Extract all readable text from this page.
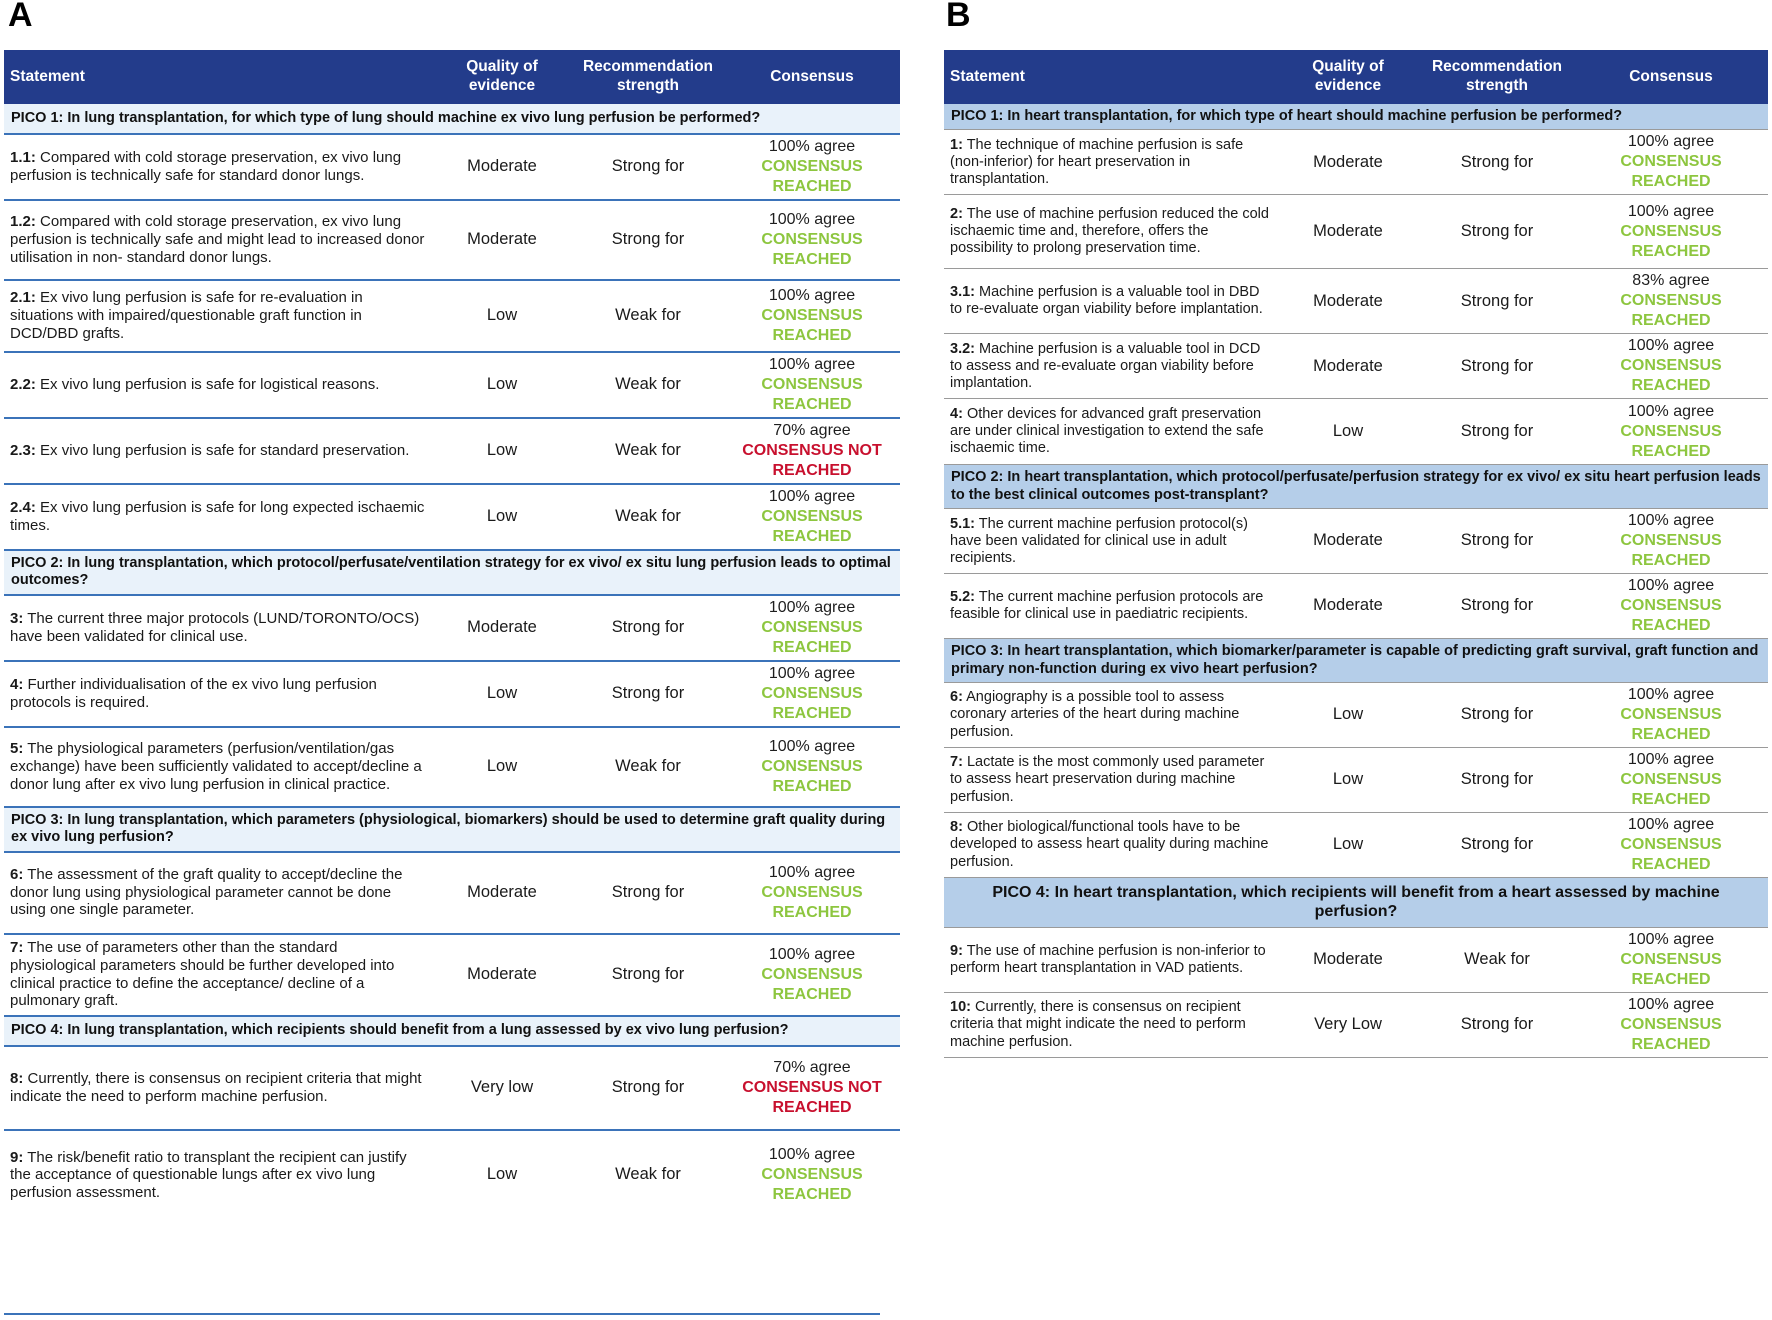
A	B
Statement	Quality of evidence	Recommendation strength	Consensus
PICO 1: In lung transplantation, for which type of lung should machine ex vivo lung perfusion be performed?			
1.1: Compared with cold storage preservation, ex vivo lung perfusion is technically safe for standard donor lungs.	Moderate	Strong for	100% agree
CONSENSUS REACHED

1.2: Compared with cold storage preservation, ex vivo lung perfusion is technically safe and might lead to increased donor utilisation in non- standard donor lungs.	Moderate	Strong for	100% agree
CONSENSUS REACHED

2.1: Ex vivo lung perfusion is safe for re-evaluation in situations with impaired/questionable graft function in DCD/DBD grafts.	Low	Weak for	100% agree
CONSENSUS REACHED

2.2: Ex vivo lung perfusion is safe for logistical reasons.	Low	Weak for	100% agree
CONSENSUS REACHED

2.3: Ex vivo lung perfusion is safe for standard preservation.	Low	Weak for	70% agree
CONSENSUS NOT REACHED

2.4: Ex vivo lung perfusion is safe for long expected ischaemic times.	Low	Weak for	100% agree
CONSENSUS REACHED

PICO 2: In lung transplantation, which protocol/perfusate/ventilation strategy for ex vivo/ ex situ lung perfusion leads to optimal outcomes?			
3: The current three major protocols (LUND/TORONTO/OCS) have been validated for clinical use.	Moderate	Strong for	100% agree
CONSENSUS REACHED

4: Further individualisation of the ex vivo lung perfusion protocols is required.	Low	Strong for	100% agree
CONSENSUS REACHED

5: The physiological parameters (perfusion/ventilation/gas exchange) have been sufficiently validated to accept/decline a donor lung after ex vivo lung perfusion in clinical practice.	Low	Weak for	100% agree
CONSENSUS REACHED

PICO 3: In lung transplantation, which parameters (physiological, biomarkers) should be used to determine graft quality during ex vivo lung perfusion?			
6: The assessment of the graft quality to accept/decline the donor lung using physiological parameter cannot be done using one single parameter.	Moderate	Strong for	100% agree
CONSENSUS REACHED

7: The use of parameters other than the standard physiological parameters should be further developed into clinical practice to define the acceptance/ decline of a pulmonary graft.	Moderate	Strong for	100% agree
CONSENSUS REACHED

PICO 4: In lung transplantation, which recipients should benefit from a lung assessed by ex vivo lung perfusion?			
8: Currently, there is consensus on recipient criteria that might indicate the need to perform machine perfusion.	Very low	Strong for	70% agree
CONSENSUS NOT REACHED

9: The risk/benefit ratio to transplant the recipient can justify the acceptance of questionable lungs after ex vivo lung perfusion assessment.	Low	Weak for	100% agree
CONSENSUS REACHED
Statement	Quality of evidence	Recommendation strength	Consensus
PICO 1: In heart transplantation, for which type of heart should machine perfusion be performed?			
1: The technique of machine perfusion is safe (non-inferior) for heart preservation in transplantation.	Moderate	Strong for	100% agree
CONSENSUS REACHED

2: The use of machine perfusion reduced the cold ischaemic time and, therefore, offers the possibility to prolong preservation time.	Moderate	Strong for	100% agree
CONSENSUS REACHED

3.1: Machine perfusion is a valuable tool in DBD to re-evaluate organ viability before implantation.	Moderate	Strong for	83% agree
CONSENSUS REACHED

3.2: Machine perfusion is a valuable tool in DCD to assess and re-evaluate organ viability before implantation.	Moderate	Strong for	100% agree
CONSENSUS REACHED

4: Other devices for advanced graft preservation are under clinical investigation to extend the safe ischaemic time.	Low	Strong for	100% agree
CONSENSUS REACHED

PICO 2: In heart transplantation, which protocol/perfusate/perfusion strategy for ex vivo/ ex situ heart perfusion leads to the best clinical outcomes post-transplant?			
5.1: The current machine perfusion protocol(s) have been validated for clinical use in adult recipients.	Moderate	Strong for	100% agree
CONSENSUS REACHED

5.2: The current machine perfusion protocols are feasible for clinical use in paediatric recipients.	Moderate	Strong for	100% agree
CONSENSUS REACHED

PICO 3: In heart transplantation, which biomarker/parameter is capable of predicting graft survival, graft function and primary non-function during ex vivo heart perfusion?			
6: Angiography is a possible tool to assess coronary arteries of the heart during machine perfusion.	Low	Strong for	100% agree
CONSENSUS REACHED

7: Lactate is the most commonly used parameter to assess heart preservation during machine perfusion.	Low	Strong for	100% agree
CONSENSUS REACHED

8: Other biological/functional tools have to be developed to assess heart quality during machine perfusion.	Low	Strong for	100% agree
CONSENSUS REACHED

PICO 4: In heart transplantation, which recipients will benefit from a heart assessed by machine perfusion?			
9: The use of machine perfusion is non-inferior to perform heart transplantation in VAD patients.	Moderate	Weak for	100% agree
CONSENSUS REACHED

10: Currently, there is consensus on recipient criteria that might indicate the need to perform machine perfusion.	Very Low	Strong for	100% agree
CONSENSUS REACHED
